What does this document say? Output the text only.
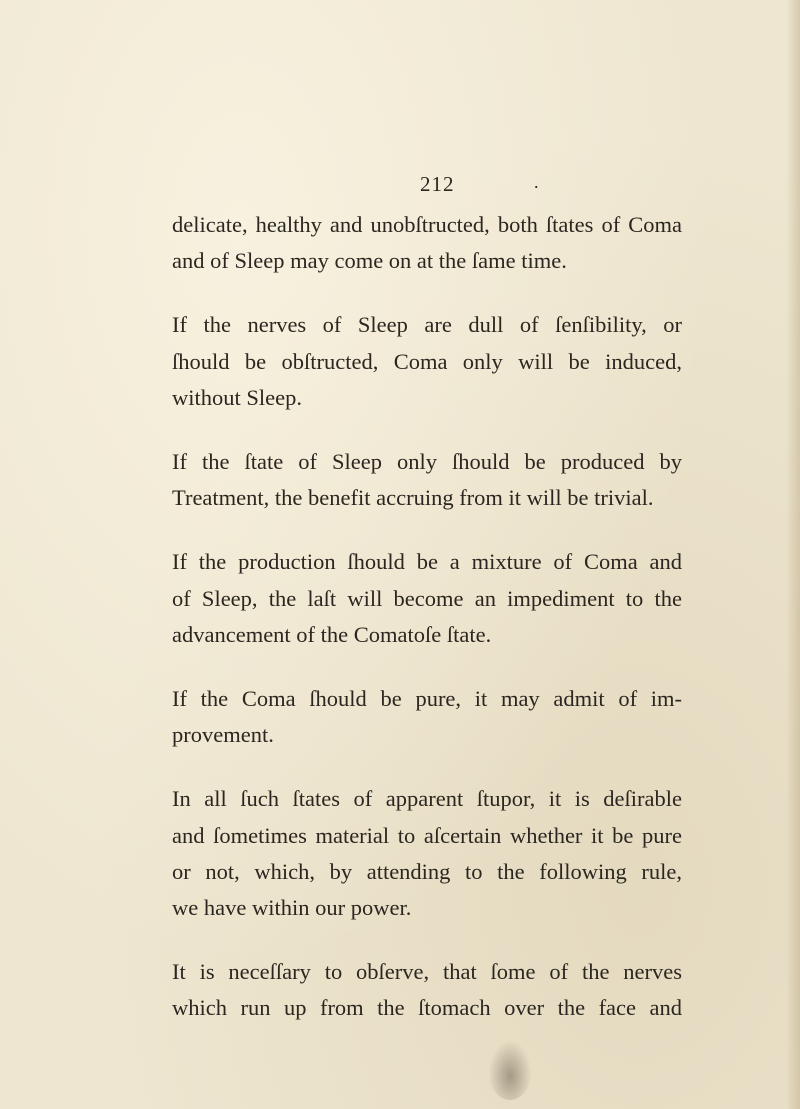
212	.

delicate, healthy and unobſtructed, both ſtates of Coma
and of Sleep may come on at the ſame time.

If the nerves of Sleep are dull of ſenſibility, or
ſhould be obſtructed, Coma only will be induced,
without Sleep.

If the ſtate of Sleep only ſhould be produced by
Treatment, the benefit accruing from it will be trivial.

If the production ſhould be a mixture of Coma and
of Sleep, the laſt will become an impediment to the
advancement of the Comatoſe ſtate.

If the Coma ſhould be pure, it may admit of im-
provement.

In all ſuch ſtates of apparent ſtupor, it is deſirable
and ſometimes material to aſcertain whether it be pure
or not, which, by attending to the following rule,
we have within our power.

It is neceſſary to obſerve, that ſome of the nerves
which run up from the ſtomach over the face and
